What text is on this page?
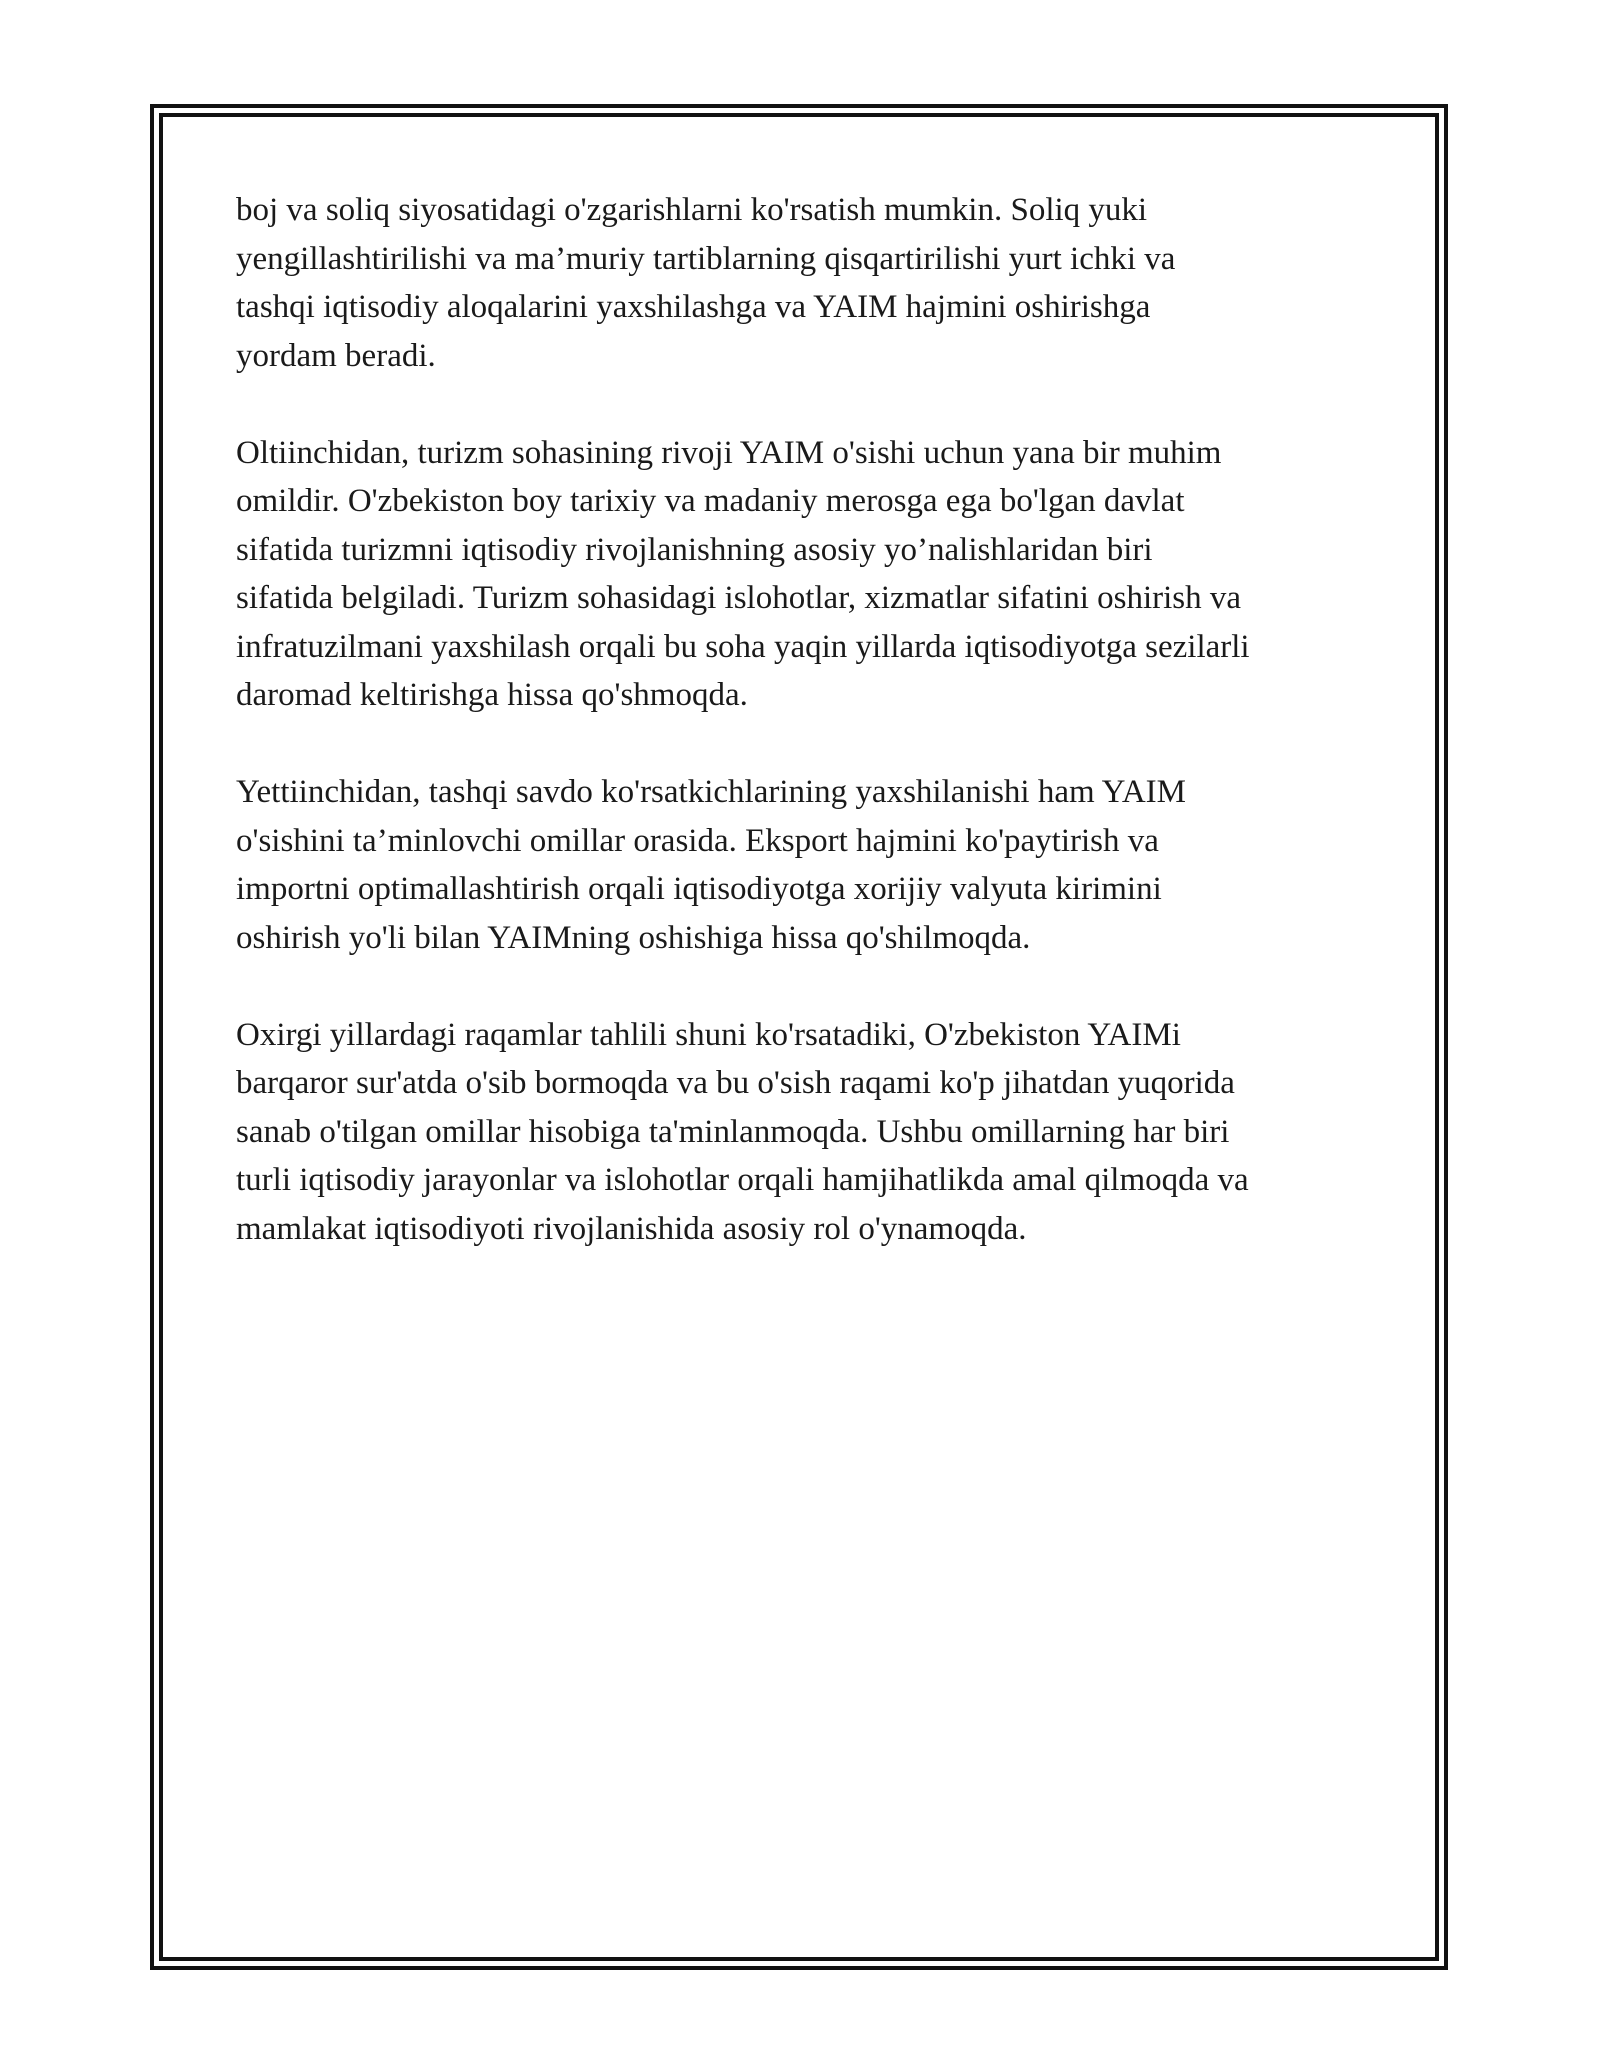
boj va soliq siyosatidagi o'zgarishlarni ko'rsatish mumkin. Soliq yuki
yengillashtirilishi va ma’muriy tartiblarning qisqartirilishi yurt ichki va
tashqi iqtisodiy aloqalarini yaxshilashga va YAIM hajmini oshirishga
yordam beradi.

Oltiinchidan, turizm sohasining rivoji YAIM o'sishi uchun yana bir muhim
omildir. O'zbekiston boy tarixiy va madaniy merosga ega bo'lgan davlat
sifatida turizmni iqtisodiy rivojlanishning asosiy yo’nalishlaridan biri
sifatida belgiladi. Turizm sohasidagi islohotlar, xizmatlar sifatini oshirish va
infratuzilmani yaxshilash orqali bu soha yaqin yillarda iqtisodiyotga sezilarli
daromad keltirishga hissa qo'shmoqda.

Yettiinchidan, tashqi savdo ko'rsatkichlarining yaxshilanishi ham YAIM
o'sishini ta’minlovchi omillar orasida. Eksport hajmini ko'paytirish va
importni optimallashtirish orqali iqtisodiyotga xorijiy valyuta kirimini
oshirish yo'li bilan YAIMning oshishiga hissa qo'shilmoqda.

Oxirgi yillardagi raqamlar tahlili shuni ko'rsatadiki, O'zbekiston YAIMi
barqaror sur'atda o'sib bormoqda va bu o'sish raqami ko'p jihatdan yuqorida
sanab o'tilgan omillar hisobiga ta'minlanmoqda. Ushbu omillarning har biri
turli iqtisodiy jarayonlar va islohotlar orqali hamjihatlikda amal qilmoqda va
mamlakat iqtisodiyoti rivojlanishida asosiy rol o'ynamoqda.
